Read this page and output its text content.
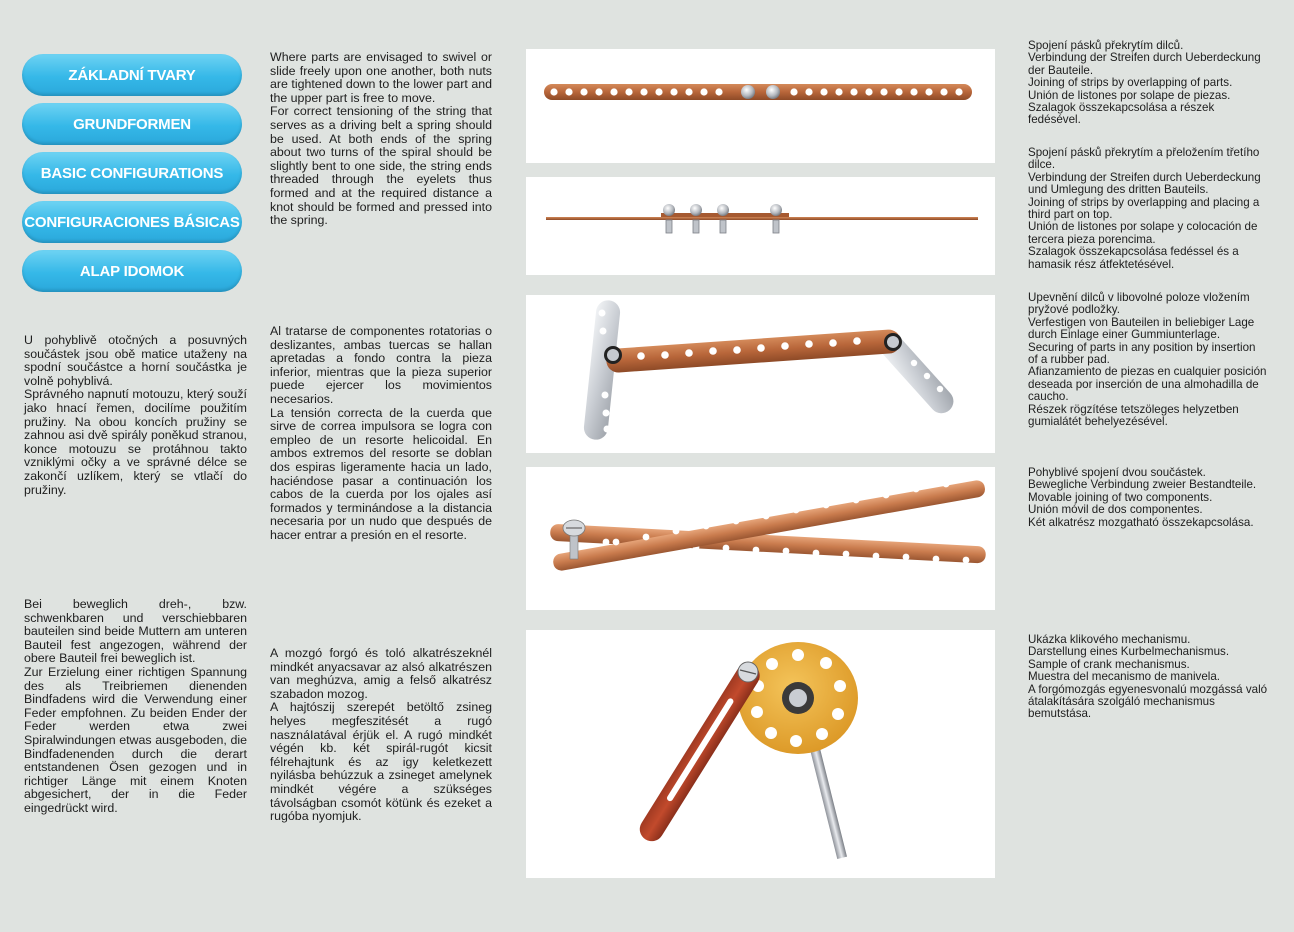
ZÁKLADNÍ TVARY
GRUNDFORMEN
BASIC CONFIGURATIONS
CONFIGURACIONES BÁSICAS
ALAP IDOMOK
U pohyblivě otočných a posuvných součástek jsou obě matice utaženy na spodní součástce a horní součástka je volně pohyblivá.
Správného napnutí motouzu, který souží jako hnací řemen, docilíme použitím pružiny. Na obou koncích pružiny se zahnou asi dvě spirály poněkud stranou, konce motouzu se protáhnou takto vzniklými očky a ve správné délce se zakončí uzlíkem, který se vtlačí do pružiny.
Bei beweglich dreh-, bzw. schwenkbaren und verschiebbaren bauteilen sind beide Muttern am unteren Bauteil fest angezogen, während der obere Bauteil frei beweglich ist.
Zur Erzielung einer richtigen Spannung des als Treibriemen dienenden Bindfadens wird die Verwendung einer Feder empfohnen. Zu beiden Ender der Feder werden etwa zwei Spiralwindungen etwas ausgeboden, die Bindfadenenden durch die derart entstandenen Ösen gezogen und in richtiger Länge mit einem Knoten abgesichert, der in die Feder eingedrückt wird.
Where parts are envisaged to swivel or slide freely upon one another, both nuts are tightened down to the lower part and the upper part is free to move.
For correct tensioning of the string that serves as a driving belt a spring should be used. At both ends of the spring about two turns of the spiral should be slightly bent to one side, the string ends threaded through the eyelets thus formed and at the required distance a knot should be formed and pressed into the spring.
Al tratarse de componentes rotatorias o deslizantes, ambas tuercas se hallan apretadas a fondo contra la pieza inferior, mientras que la pieza superior puede ejercer los movimientos necesarios.
La tensión correcta de la cuerda que sirve de correa impulsora se logra con empleo de un resorte helicoidal. En ambos extremos del resorte se doblan dos espiras ligeramente hacia un lado, haciéndose pasar a continuación los cabos de la cuerda por los ojales así formados y terminándose a la distancia necesaria por un nudo que después de hacer entrar a presión en el resorte.
A mozgó forgó és toló alkatrészeknél mindkét anyacsavar az alsó alkatrészen van meghúzva, amig a felső alkatrész szabadon mozog.
A hajtószij szerepét betöltő zsineg helyes megfeszitését a rugó nasznáIatával érjük el. A rugó mindkét végén kb. két spirál-rugót kicsit félrehajtunk és az igy keletkezett nyilásba behúzzuk a zsineget amelynek mindkét végére a szükséges távolságban csomót kötünk és ezeket a rugóba nyomjuk.
Spojení pásků překrytím dilců.
Verbindung der Streifen durch Ueberdeckung der Bauteile.
Joining of strips by overlapping of parts.
Unión de listones por solape de piezas.
Szalagok összekapcsolása a részek fedésével.
Spojení pásků překrytím a přeložením třetího dilce.
Verbindung der Streifen durch Ueberdeckung und Umlegung des dritten Bauteils.
Joining of strips by overlapping and placing a third part on top.
Unión de listones por solape y colocación de tercera pieza porencima.
Szalagok összekapcsolása fedéssel és a hamasik rész átfektetésével.
Upevnění dilců v libovolné poloze vložením pryžové podložky.
Verfestigen von Bauteilen in beliebiger Lage durch Einlage einer Gummiunterlage.
Securing of parts in any position by insertion of a rubber pad.
Afianzamiento de piezas en cualquier posición deseada por inserción de una almohadilla de caucho.
Részek rögzítése tetszöleges helyzetben gumialátét behelyezésével.
Pohyblivé spojení dvou součástek.
Bewegliche Verbindung zweier Bestandteile.
Movable joining of two components.
Unión móvil de dos componentes.
Két alkatrész mozgatható összekapcsolása.
Ukázka klikového mechanismu.
Darstellung eines Kurbelmechanismus.
Sample of crank mechanismus.
Muestra del mecanismo de manivela.
A forgómozgás egyenesvonalú mozgássá való átalakítására szolgáló mechanismus bemutstása.
